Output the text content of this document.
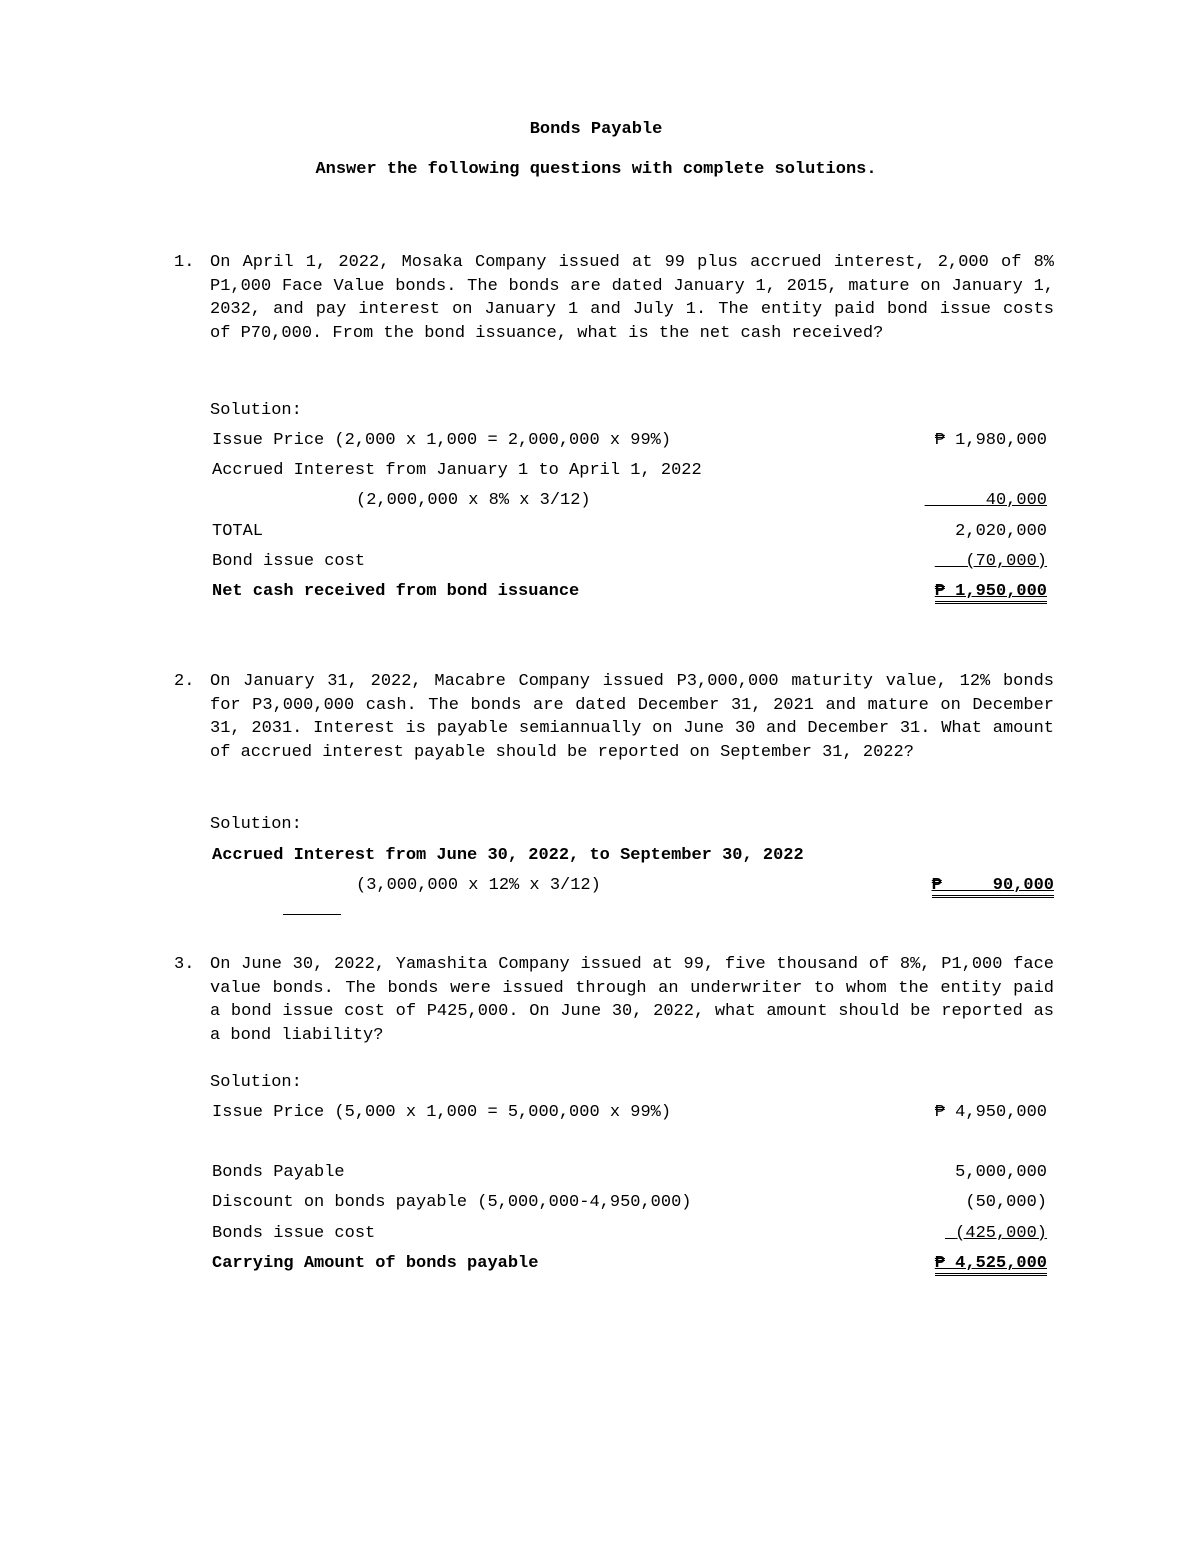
Bonds Payable
Answer the following questions with complete solutions.
1. On April 1, 2022, Mosaka Company issued at 99 plus accrued interest, 2,000 of 8% P1,000 Face Value bonds. The bonds are dated January 1, 2015, mature on January 1, 2032, and pay interest on January 1 and July 1. The entity paid bond issue costs of P70,000. From the bond issuance, what is the net cash received?
Solution:
Issue Price (2,000 x 1,000 = 2,000,000 x 99%)	₱ 1,980,000
Accrued Interest from January 1 to April 1, 2022
(2,000,000 x 8% x 3/12)	40,000
TOTAL	2,020,000
Bond issue cost	(70,000)
Net cash received from bond issuance	₱ 1,950,000
2. On January 31, 2022, Macabre Company issued P3,000,000 maturity value, 12% bonds for P3,000,000 cash. The bonds are dated December 31, 2021 and mature on December 31, 2031. Interest is payable semiannually on June 30 and December 31. What amount of accrued interest payable should be reported on September 31, 2022?
Solution:
Accrued Interest from June 30, 2022, to September 30, 2022
(3,000,000 x 12% x 3/12)	₱     90,000
3. On June 30, 2022, Yamashita Company issued at 99, five thousand of 8%, P1,000 face value bonds. The bonds were issued through an underwriter to whom the entity paid a bond issue cost of P425,000. On June 30, 2022, what amount should be reported as a bond liability?
Solution:
Issue Price (5,000 x 1,000 = 5,000,000 x 99%)	₱ 4,950,000
Bonds Payable	5,000,000
Discount on bonds payable (5,000,000-4,950,000)	(50,000)
Bonds issue cost	(425,000)
Carrying Amount of bonds payable	₱ 4,525,000
